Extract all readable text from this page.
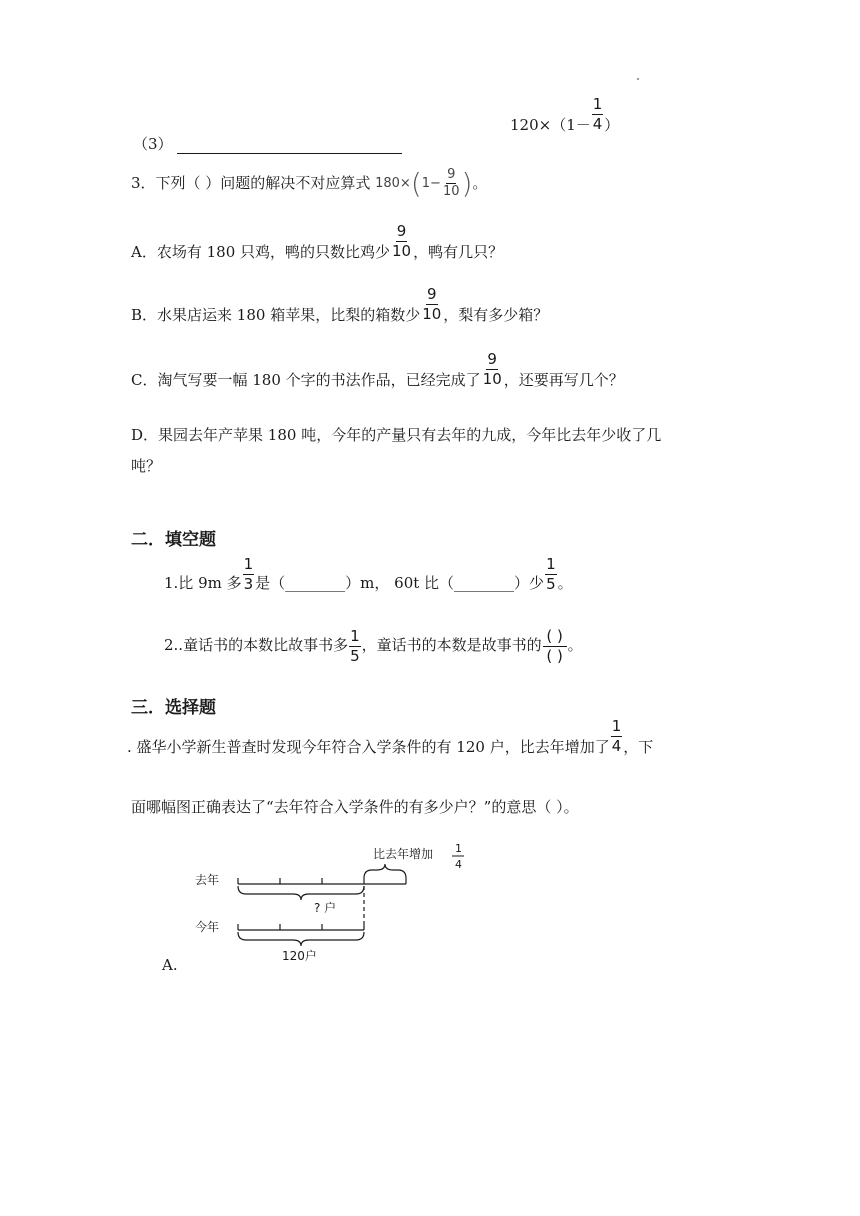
（3）
$120\times(1- \frac{1}{4}$ ）
3．下列（ ）问题的解决不对应算式 180× ( $1- \frac{9}{10}$ ) 。
A．农场有 180 只鸡，鸭的只数比鸡少 $\frac{9}{10}$ ，鸭有几只？
B．水果店运来 180 箱苹果，比梨的箱数少 $\frac{9}{10}$ ，梨有多少箱？
C．淘气写要一幅 180 个字的书法作品，已经完成了 $\frac{9}{10}$ ，还要再写几个？
D．果园去年产苹果 180 吨，今年的产量只有去年的九成，今年比去年少收了几
吨？
二．填空题
1.比 9m 多 $\frac{1}{3}$ 是（________）m， 60t 比（________）少 $\frac{1}{5}$ 。
2..童话书的本数比故事书多 $\frac{1}{5}$ ，童话书的本数是故事书的 $\frac{( )}{( )}$ 。
三．选择题
. 盛华小学新生普查时发现今年符合入学条件的有 120 户，比去年增加了 $\frac{1}{4}$ ，下
面哪幅图正确表达了“去年符合入学条件的有多少户？”的意思（ ）。
去年
今年
比去年增加 1
4
? 户
120户
A.
